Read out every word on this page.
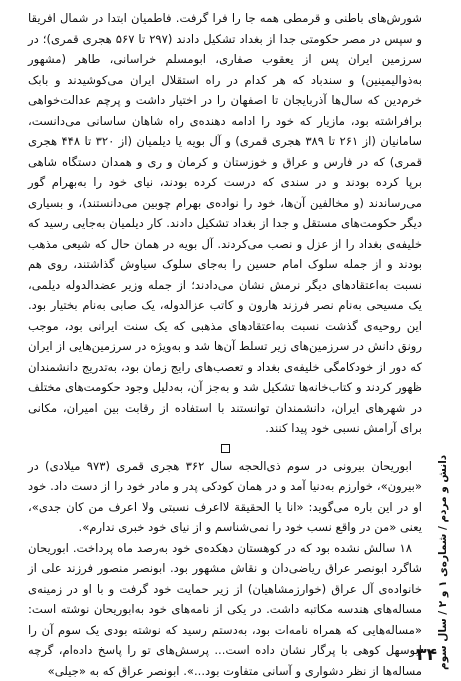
شورش‌های باطنی و قرمطی همه جا را فرا گرفت. فاطمیان ابتدا در شمال افریقا و سپس در مصر حکومتی جدا از بغداد تشکیل دادند (۲۹۷ تا ۵۶۷ هجری قمری)؛ در سرزمین ایران پس از یعقوب صفاری، ابومسلم خراسانی، طاهر (مشهور به‌ذوالیمینین) و سندباد که هر کدام در راه استقلال ایران می‌کوشیدند و بابک خرم‌دین که سال‌ها آذربایجان تا اصفهان را در اختیار داشت و پرچم عدالت‌خواهی برافراشته بود، مازیار که خود را ادامه دهنده‌ی راه شاهان ساسانی می‌دانست، سامانیان (از ۲۶۱ تا ۳۸۹ هجری قمری) و آل بویه یا دیلمیان (از ۳۲۰ تا ۴۴۸ هجری قمری) که در فارس و عراق و خوزستان و کرمان و ری و همدان دستگاه شاهی برپا کرده بودند و در سندی که درست کرده بودند، نیای خود را به‌بهرام گور می‌رساندند (و مخالفین آن‌ها، خود را نواده‌ی بهرام چوبین می‌دانستند)، و بسیاری دیگر حکومت‌های مستقل و جدا از بغداد تشکیل دادند. کار دیلمیان به‌جایی رسید که خلیفه‌ی بغداد را از عزل و نصب می‌کردند. آل بویه در همان حال که شیعی مذهب بودند و از جمله سلوک امام حسین را به‌جای سلوک سیاوش گذاشتند، روی هم نسبت به‌اعتقادهای دیگر نرمش نشان می‌دادند؛ از جمله وزیر عضدالدوله دیلمی، یک مسیحی به‌نام نصر فرزند هارون و کاتب عزالدوله، یک صابی به‌نام بختیار بود. این روحیه‌ی گذشت نسبت به‌اعتقادهای مذهبی که یک سنت ایرانی بود، موجب رونق دانش در سرزمین‌های زیر تسلط آن‌ها شد و به‌ویژه در سرزمین‌هایی از ایران که دور از خودکامگی خلیفه‌ی بغداد و تعصب‌های رایج زمان بود، به‌تدریج دانشمندان ظهور کردند و کتاب‌خانه‌ها تشکیل شد و به‌جز آن، به‌دلیل وجود حکومت‌های مختلف در شهرهای ایران، دانشمندان توانستند با استفاده از رقابت بین امیران، مکانی برای آرامش نسبی خود پیدا کنند.

ابوریحان بیرونی در سوم ذی‌الحجه سال ۳۶۲ هجری قمری (۹۷۳ میلادی) در «بیرون»، خوارزم به‌دنیا آمد و در همان کودکی پدر و مادر خود را از دست داد. خود او در این باره می‌گوید: «انا یا الحقیقة لااعرف نسبتی ولا اعرف من کان جدی»، یعنی «من در واقع نسب خود را نمی‌شناسم و از نیای خود خبری ندارم».

۱۸ سالش نشده بود که در کوهستان دهکده‌ی خود به‌رصد ماه پرداخت. ابوریحان شاگرد ابونصر عراق ریاضی‌دان و نقاش مشهور بود. ابونصر منصور فرزند علی از خانواده‌ی آل عراق (خوارزمشاهیان) از زیر حمایت خود گرفت و با او در زمینه‌ی مساله‌های هندسه مکاتبه داشت. در یکی از نامه‌های خود به‌ابوریحان نوشته است: «مساله‌هایی که همراه نامه‌ات بود، به‌دستم رسید که نوشته بودی یک سوم آن را ابوسهل کوهی با پرگار نشان داده است... پرسش‌های تو را پاسخ داده‌ام، گرچه مساله‌ها از نظر دشواری و آسانی متفاوت بود...». ابونصر عراق که به «جیلی»

دانش و مردم / شماره‌ی ۱ و ۲ / سال سوم
۳۴
